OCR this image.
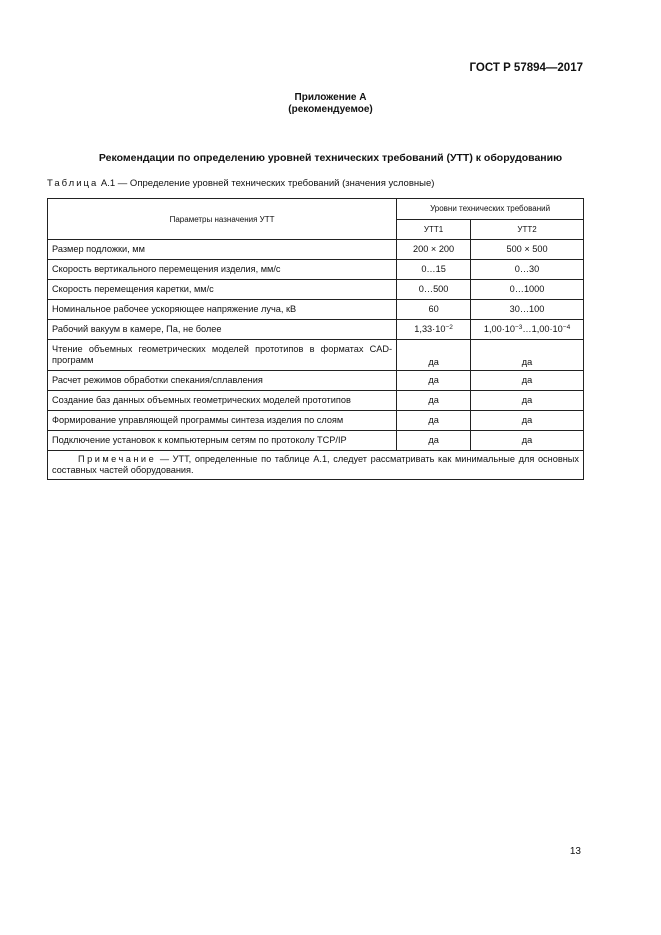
ГОСТ Р 57894—2017
Приложение А
(рекомендуемое)
Рекомендации по определению уровней технических требований (УТТ) к оборудованию
Таблица А.1 — Определение уровней технических требований (значения условные)
Параметры назначения УТТ	Уровни технических требований	
	УТТ1	УТТ2
Размер подложки, мм	200 × 200	500 × 500
Скорость вертикального перемещения изделия, мм/с	0…15	0…30
Скорость перемещения каретки, мм/с	0…500	0…1000
Номинальное рабочее ускоряющее напряжение луча, кВ	60	30…100
Рабочий вакуум в камере, Па, не более	$1,33\cdot 10^{-2}$	$1,00\cdot 10^{-3}\dots 1,00\cdot 10^{-4}$
Чтение объемных геометрических моделей прототипов в форматах CAD-программ	да	да
Расчет режимов обработки спекания/сплавления	да	да
Создание баз данных объемных геометрических моделей прототипов	да	да
Формирование управляющей программы синтеза изделия по слоям	да	да
Подключение установок к компьютерным сетям по протоколу TCP/IP	да	да
Примечание — УТТ, определенные по таблице А.1, следует рассматривать как минимальные для основных составных частей оборудования.		
13
